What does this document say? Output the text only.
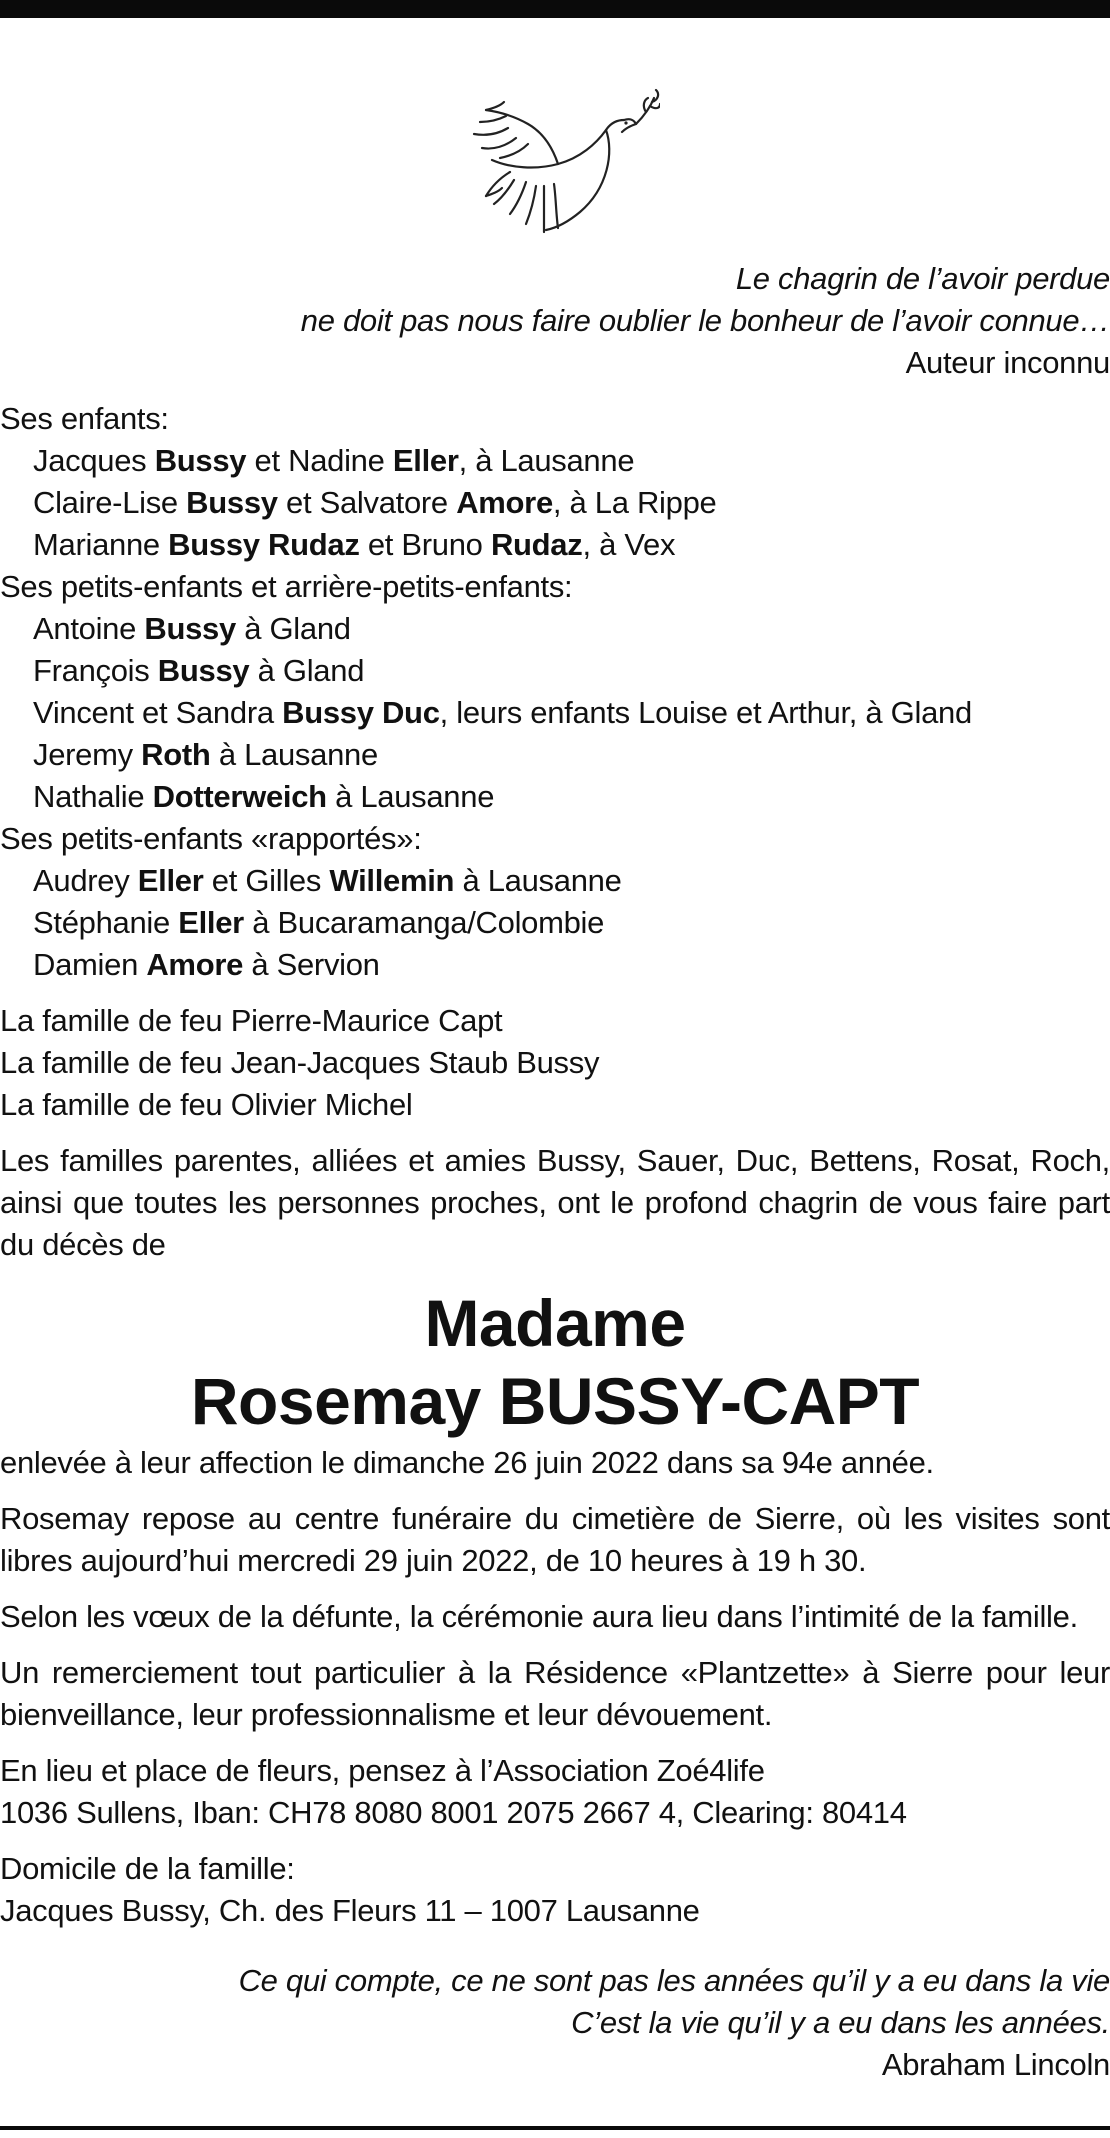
Le chagrin de l’avoir perdue
ne doit pas nous faire oublier le bonheur de l’avoir connue…
Auteur inconnu
Ses enfants:
Jacques Bussy et Nadine Eller, à Lausanne
Claire-Lise Bussy et Salvatore Amore, à La Rippe
Marianne Bussy Rudaz et Bruno Rudaz, à Vex
Ses petits-enfants et arrière-petits-enfants:
Antoine Bussy à Gland
François Bussy à Gland
Vincent et Sandra Bussy Duc, leurs enfants Louise et Arthur, à Gland
Jeremy Roth à Lausanne
Nathalie Dotterweich à Lausanne
Ses petits-enfants «rapportés»:
Audrey Eller et Gilles Willemin à Lausanne
Stéphanie Eller à Bucaramanga/Colombie
Damien Amore à Servion
La famille de feu Pierre-Maurice Capt
La famille de feu Jean-Jacques Staub Bussy
La famille de feu Olivier Michel
Les familles parentes, alliées et amies Bussy, Sauer, Duc, Bettens, Rosat, Roch, ainsi que toutes les personnes proches, ont le profond chagrin de vous faire part du décès de
Madame
Rosemay BUSSY-CAPT
enlevée à leur affection le dimanche 26 juin 2022 dans sa 94e année.
Rosemay repose au centre funéraire du cimetière de Sierre, où les visites sont libres aujourd’hui mercredi 29 juin 2022, de 10 heures à 19 h 30.
Selon les vœux de la défunte, la cérémonie aura lieu dans l’intimité de la famille.
Un remerciement tout particulier à la Résidence «Plantzette» à Sierre pour leur bienveillance, leur professionnalisme et leur dévouement.
En lieu et place de fleurs, pensez à l’Association Zoé4life
1036 Sullens, Iban: CH78 8080 8001 2075 2667 4, Clearing: 80414
Domicile de la famille:
Jacques Bussy, Ch. des Fleurs 11 – 1007 Lausanne
Ce qui compte, ce ne sont pas les années qu’il y a eu dans la vie
C’est la vie qu’il y a eu dans les années.
Abraham Lincoln
